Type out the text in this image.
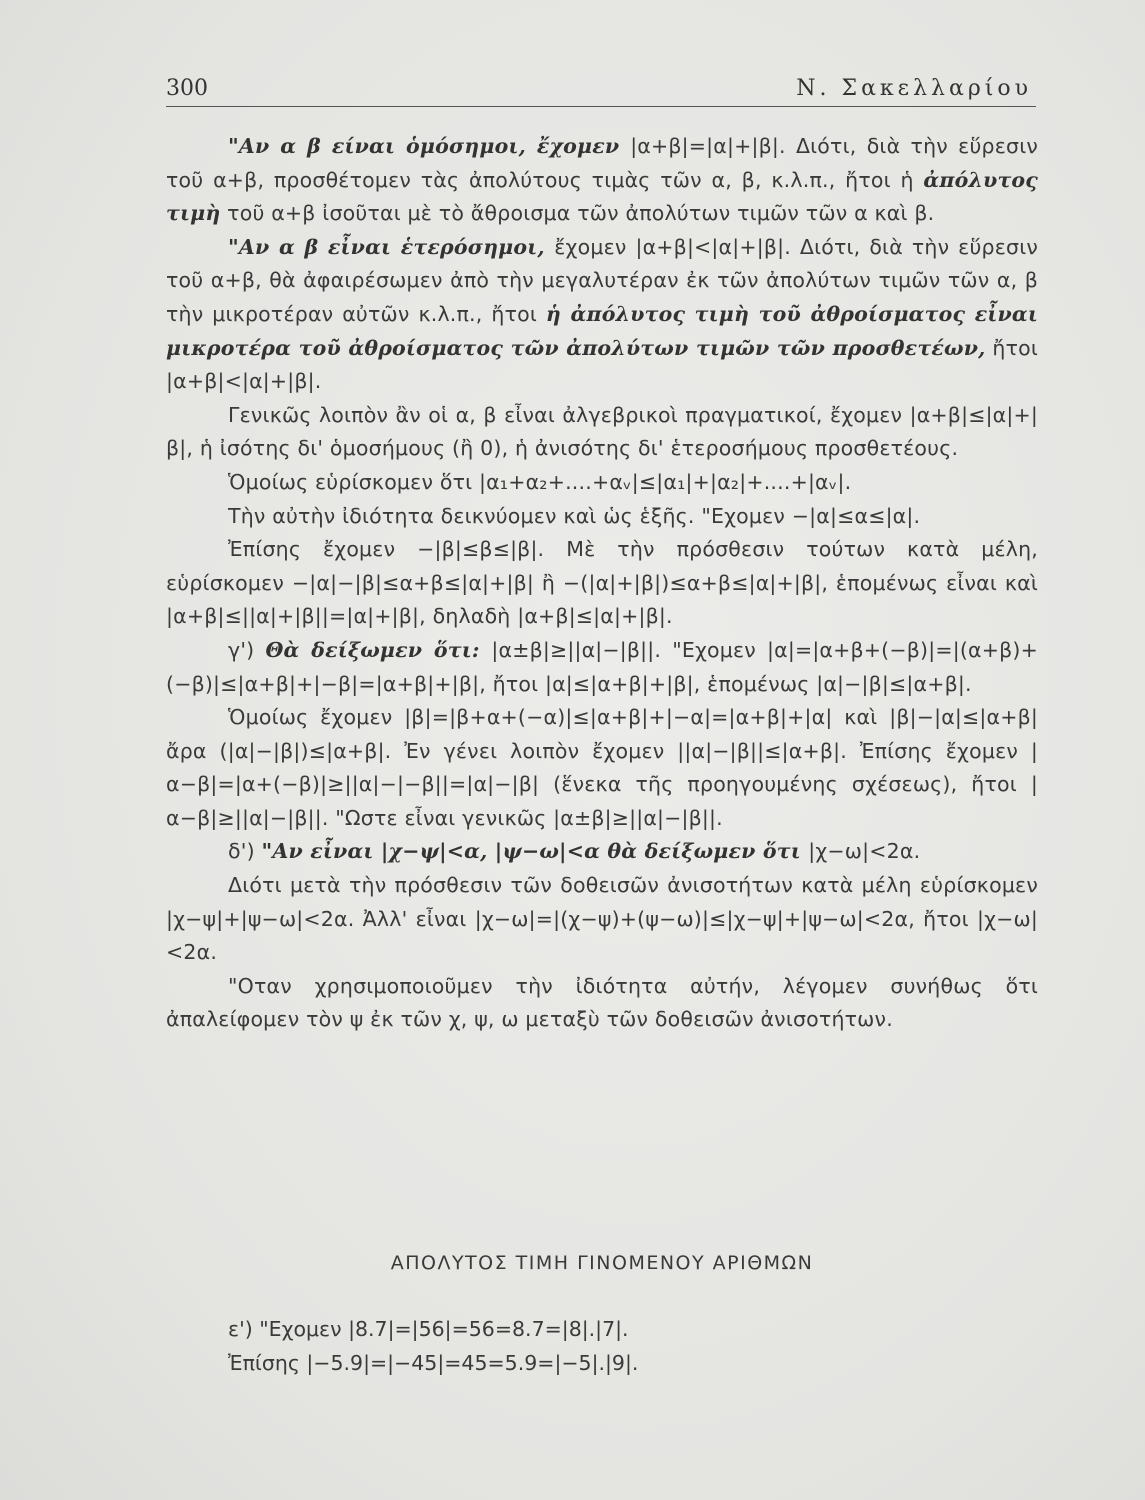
300	Ν. Σακελλαρίου

"Αν α β είναι ὁμόσημοι, ἔχομεν |α+β|=|α|+|β|. Διότι, διὰ τὴν εὕρεσιν τοῦ α+β, προσθέτομεν τὰς ἀπολύτους τιμὰς τῶν α, β, κ.λ.π., ἤτοι ἡ ἀπόλυτος τιμὴ τοῦ α+β ἰσοῦται μὲ τὸ ἄθροισμα τῶν ἀπολύτων τιμῶν τῶν α καὶ β.

"Αν α β εἶναι ἑτερόσημοι, ἔχομεν |α+β|<|α|+|β|. Διότι, διὰ τὴν εὕρεσιν τοῦ α+β, θὰ ἀφαιρέσωμεν ἀπὸ τὴν μεγαλυτέραν ἐκ τῶν ἀπολύτων τιμῶν τῶν α, β τὴν μικροτέραν αὐτῶν κ.λ.π., ἤτοι ἡ ἀπόλυτος τιμὴ τοῦ ἀθροίσματος εἶναι μικροτέρα τοῦ ἀθροίσματος τῶν ἀπολύτων τιμῶν τῶν προσθετέων, ἤτοι |α+β|<|α|+|β|.

Γενικῶς λοιπὸν ἂν οἱ α, β εἶναι ἀλγεβρικοὶ πραγματικοί, ἔχομεν |α+β|≤|α|+|β|, ἡ ἰσότης δι' ὁμοσήμους (ἢ 0), ἡ ἀνισότης δι' ἑτεροσήμους προσθετέους.

Ὁμοίως εὑρίσκομεν ὅτι |α₁+α₂+....+αᵥ|≤|α₁|+|α₂|+....+|αᵥ|.

Τὴν αὐτὴν ἰδιότητα δεικνύομεν καὶ ὡς ἑξῆς. "Εχομεν −|α|≤α≤|α|.

Ἐπίσης ἔχομεν −|β|≤β≤|β|. Μὲ τὴν πρόσθεσιν τούτων κατὰ μέλη, εὑρίσκομεν −|α|−|β|≤α+β≤|α|+|β| ἢ −(|α|+|β|)≤α+β≤|α|+|β|, ἑπομένως εἶναι καὶ |α+β|≤||α|+|β||=|α|+|β|, δηλαδὴ |α+β|≤|α|+|β|.

γ') Θὰ δείξωμεν ὅτι: |α±β|≥||α|−|β||. "Εχομεν |α|=|α+β+(−β)|=|(α+β)+(−β)|≤|α+β|+|−β|=|α+β|+|β|, ἤτοι |α|≤|α+β|+|β|, ἑπομένως |α|−|β|≤|α+β|.

Ὁμοίως ἔχομεν |β|=|β+α+(−α)|≤|α+β|+|−α|=|α+β|+|α| καὶ |β|−|α|≤|α+β| ἄρα (|α|−|β|)≤|α+β|. Ἐν γένει λοιπὸν ἔχομεν ||α|−|β||≤|α+β|. Ἐπίσης ἔχομεν |α−β|=|α+(−β)|≥||α|−|−β||=|α|−|β| (ἕνεκα τῆς προηγουμένης σχέσεως), ἤτοι |α−β|≥||α|−|β||. "Ωστε εἶναι γενικῶς |α±β|≥||α|−|β||.

δ') "Αν εἶναι |χ−ψ|<α, |ψ−ω|<α θὰ δείξωμεν ὅτι |χ−ω|<2α.

Διότι μετὰ τὴν πρόσθεσιν τῶν δοθεισῶν ἀνισοτήτων κατὰ μέλη εὑρίσκομεν |χ−ψ|+|ψ−ω|<2α. Ἀλλ' εἶναι |χ−ω|=|(χ−ψ)+(ψ−ω)|≤|χ−ψ|+|ψ−ω|<2α, ἤτοι |χ−ω|<2α.

"Οταν χρησιμοποιοῦμεν τὴν ἰδιότητα αὐτήν, λέγομεν συνήθως ὅτι ἀπαλείφομεν τὸν ψ ἐκ τῶν χ, ψ, ω μεταξὺ τῶν δοθεισῶν ἀνισοτήτων.

ΑΠΟΛΥΤΟΣ ΤΙΜΗ ΓΙΝΟΜΕΝΟΥ ΑΡΙΘΜΩΝ

ε') "Εχομεν |8.7|=|56|=56=8.7=|8|.|7|.

Ἐπίσης |−5.9|=|−45|=45=5.9=|−5|.|9|.
